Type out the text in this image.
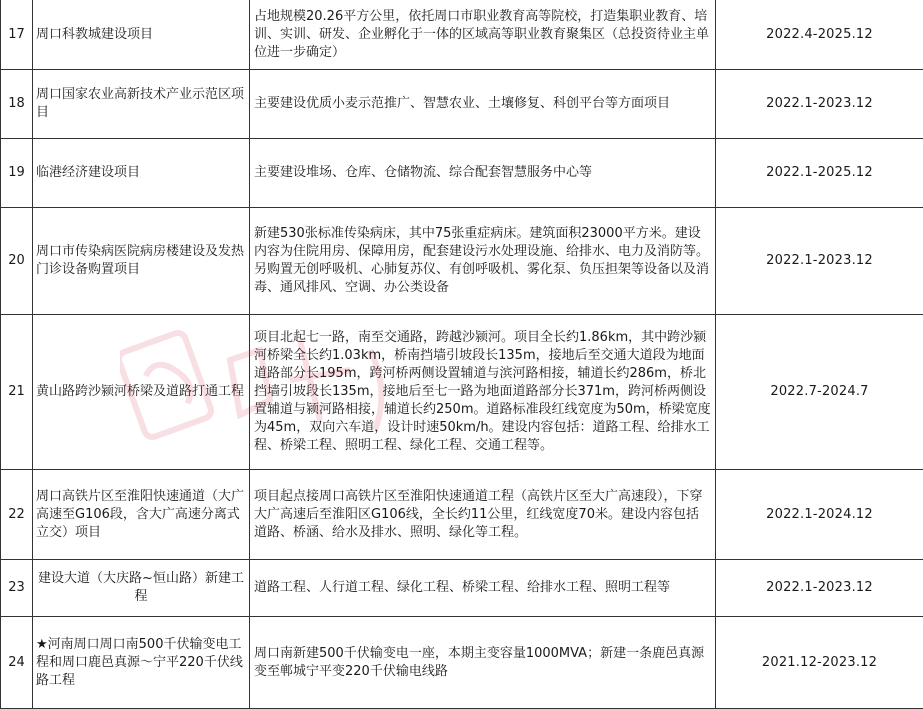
17	周口科教城建设项目	占地规模20.26平方公里，依托周口市职业教育高等院校，打造集职业教育、培训、实训、研发、企业孵化于一体的区域高等职业教育聚集区（总投资待业主单位进一步确定）	2022.4-2025.12
18	周口国家农业高新技术产业示范区项目	主要建设优质小麦示范推广、智慧农业、土壤修复、科创平台等方面项目	2022.1-2023.12
19	临港经济建设项目	主要建设堆场、仓库、仓储物流、综合配套智慧服务中心等	2022.1-2025.12
20	周口市传染病医院病房楼建设及发热门诊设备购置项目	新建530张标准传染病床，其中75张重症病床。建筑面积23000平方米。建设内容为住院用房、保障用房，配套建设污水处理设施、给排水、电力及消防等。另购置无创呼吸机、心肺复苏仪、有创呼吸机、雾化泵、负压担架等设备以及消毒、通风排风、空调、办公类设备	2022.1-2023.12
21	黄山路跨沙颍河桥梁及道路打通工程	项目北起七一路，南至交通路，跨越沙颍河。项目全长约1.86km，其中跨沙颍河桥梁全长约1.03km，桥南挡墙引坡段长135m，接地后至交通大道段为地面道路部分长195m，跨河桥两侧设置辅道与滨河路相接，辅道长约286m，桥北挡墙引坡段长135m，接地后至七一路为地面道路部分长371m，跨河桥两侧设置辅道与颍河路相接，辅道长约250m。道路标准段红线宽度为50m，桥梁宽度为45m，双向六车道，设计时速50km/h。建设内容包括：道路工程、给排水工程、桥梁工程、照明工程、绿化工程、交通工程等。	2022.7-2024.7
22	周口高铁片区至淮阳快速通道（大广高速至G106段，含大广高速分离式立交）项目	项目起点接周口高铁片区至淮阳快速通道工程（高铁片区至大广高速段），下穿大广高速后至淮阳区G106线，全长约11公里，红线宽度70米。建设内容包括道路、桥涵、给水及排水、照明、绿化等工程。	2022.1-2024.12
23	建设大道（大庆路~恒山路）新建工程	道路工程、人行道工程、绿化工程、桥梁工程、给排水工程、照明工程等	2022.1-2023.12
24	★河南周口周口南500千伏输变电工程和周口鹿邑真源～宁平220千伏线路工程	周口南新建500千伏输变电一座，本期主变容量1000MVA；新建一条鹿邑真源变至郸城宁平变220千伏输电线路	2021.12-2023.12
